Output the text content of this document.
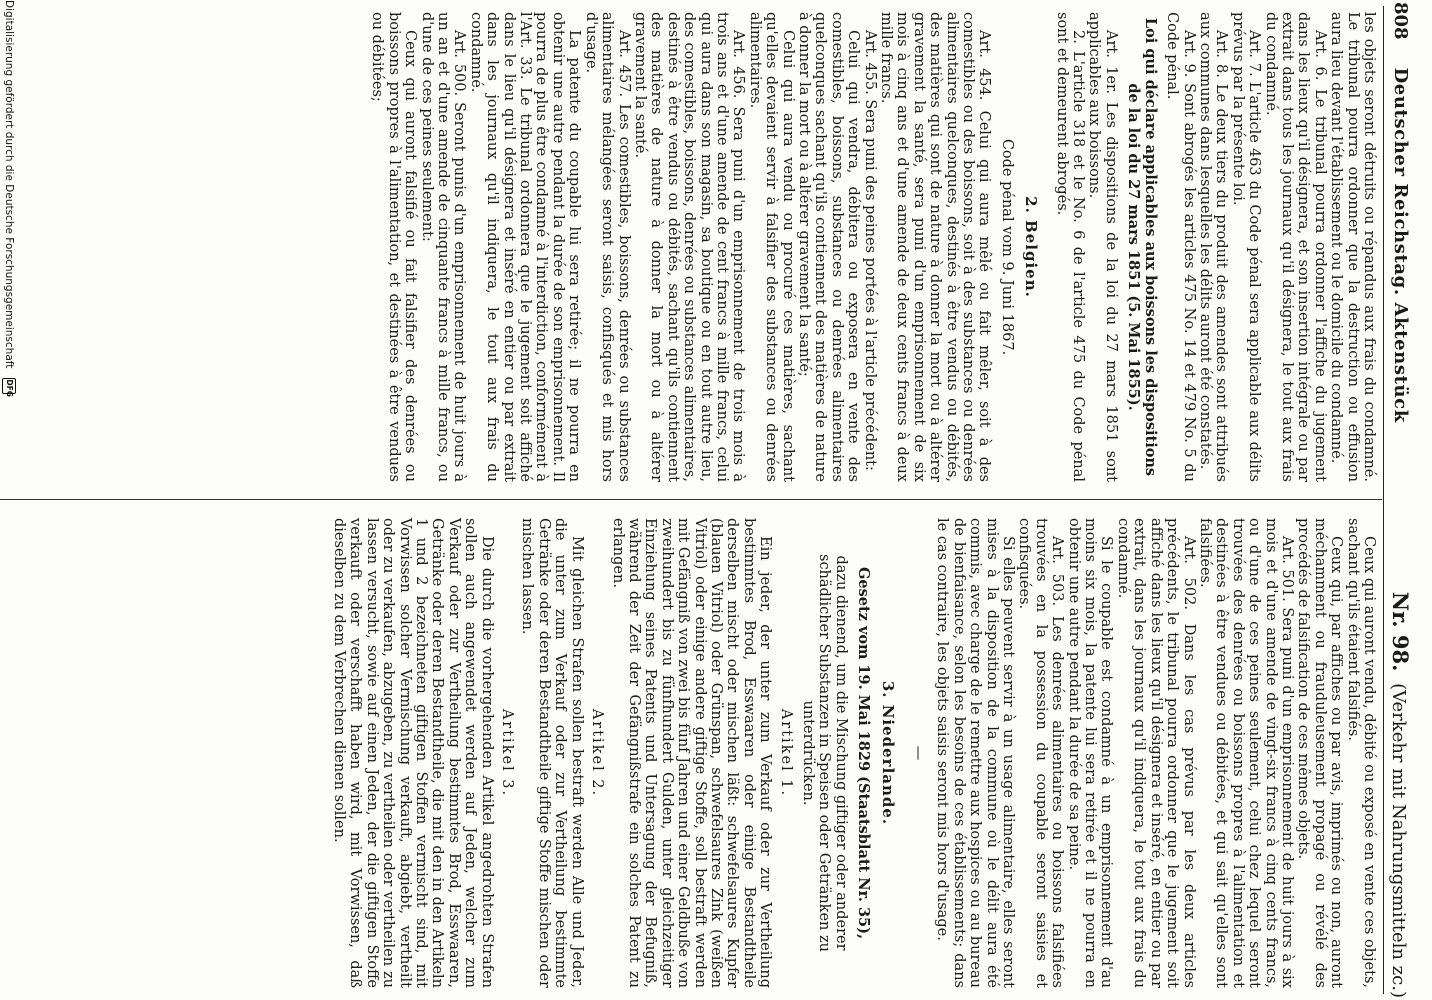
808
Deutscher Reichstag. Aktenstück
Nr. 98. (Verkehr mit Nahrungsmitteln zc.)

les objets seront détruits ou répandus aux frais du condamné. Le tribunal pourra ordonner que la destruction ou effusion aura lieu devant l'établissement ou le domicile du condamné.

Art. 6. Le tribunal pourra ordonner l'affiche du jugement dans les lieux qu'il désignera, et son insertion intégrale ou par extrait dans tous les journaux qu'il désignera, le tout aux frais du condamné.

Art. 7. L'article 463 du Code pénal sera applicable aux délits prévus par la présente loi.

Art. 8. Le deux tiers du produit des amendes sont attribués aux communes dans lesquelles les délits auront été constatés.

Art. 9. Sont abrogés les articles 475 No. 14 et 479 No. 5 du Code pénal.

Loi qui déclare applicables aux boissons les dispositions de la loi du 27 mars 1851 (5. Mai 1855).

Art. 1er. Les dispositions de la loi du 27 mars 1851 sont applicables aux boissons.

2. L'article 318 et le No. 6 de l'article 475 du Code pénal sont et demeurent abrogés.

2. Belgien.
Code pénal vom 9. Juni 1867.

Art. 454. Celui qui aura mêlé ou fait mêler, soit à des comestibles ou des boissons, soit à des substances ou denrées alimentaires quelconques, destinés à être vendus ou débités, des matières qui sont de nature à donner la mort ou à altérer gravement la santé, sera puni d'un emprisonnement de six mois à cinq ans et d'une amende de deux cents francs à deux mille francs.

Art. 455. Sera puni des peines portées à l'article précédent:

Celui qui vendra, débitera ou exposera en vente des comestibles, boissons, substances ou denrées alimentaires quelconques sachant qu'ils contiennent des matières de nature à donner la mort ou à altérer gravement la santé;

Celui qui aura vendu ou procuré ces matières, sachant qu'elles devaient servir à falsifier des substances ou denrées alimentaires.

Art. 456. Sera puni d'un emprisonnement de trois mois à trois ans et d'une amende de cent francs à mille francs, celui qui aura dans son magasin, sa boutique ou en tout autre lieu, des comestibles, boissons, denrées ou substances alimentaires, destinés à être vendus ou débités, sachant qu'ils contiennent des matières de nature à donner la mort ou à altérer gravement la santé.

Art. 457. Les comestibles, boissons, denrées ou substances alimentaires mélangées seront saisis, confisqués et mis hors d'usage.

La patente du coupable lui sera retirée; il ne pourra en obtenir une autre pendant la durée de son emprisonnement. Il pourra de plus être condamné à l'interdiction, conformément à l'Art. 33. Le tribunal ordonnera que le jugement soit affiché dans le lieu qu'il désignera et inséré en entier ou par extrait dans les journaux qu'il indiquera, le tout aux frais du condamné.

Art. 500. Seront punis d'un emprisonnement de huit jours à un an et d'une amende de cinquante francs à mille francs, ou d'une de ces peines seulement:

Ceux qui auront falsifié ou fait falsifier des denrées ou boissons propres à l'alimentation, et destinées à être vendues ou débitées;

Ceux qui auront vendu, débité ou exposé en vente ces objets, sachant qu'ils étaient falsifiés.

Ceux qui, par affiches ou par avis, imprimés ou non, auront méchamment ou frauduleusement propagé ou révélé des procédés de falsification de ces mêmes objets.

Art. 501. Sera puni d'un emprisonnement de huit jours à six mois et d'une amende de vingt-six francs à cinq cents francs, ou d'une de ces peines seulement, celui chez lequel seront trouvées des denrées ou boissons propres à l'alimentation et destinées à être vendues ou débitées, et qui sait qu'elles sont falsifiées.

Art. 502. Dans les cas prévus par les deux articles précédents, le tribunal pourra ordonner que le jugement soit affiché dans les lieux qu'il désignera et inséré, en entier ou par extrait, dans les journaux qu'il indiquera, le tout aux frais du condamné.

Si le coupable est condamné à un emprisonnement d'au moins six mois, la patente lui sera retirée et il ne pourra en obtenir une autre pendant la durée de sa peine.

Art. 503. Les denrées alimentaires ou boissons falsifiées trouvées en la possession du coupable seront saisies et confisquées.

Si elles peuvent servir à un usage alimentaire, elles seront mises à la disposition de la commune où le délit aura été commis, avec charge de le remettre aux hospices ou au bureau de bienfaisance, selon les besoins de ces établissements; dans le cas contraire, les objets saisis seront mis hors d'usage.

—
3. Niederlande.
Gesetz vom 19. Mai 1829 (Staatsblatt Nr. 35),
dazu dienend, um die Mischung giftiger oder anderer schädlicher Substanzen in Speisen oder Getränken zu unterdrücken.
Artikel 1.

Ein jeder, der unter zum Verkauf oder zur Vertheilung bestimmtes Brod, Esswaaren oder einige Bestandtheile derselben mischt oder mischen läßt: schwefelsaures Kupfer (blauen Vitriol) oder Grünspan, schwefelsaures Zink (weißen Vitriol) oder einige andere giftige Stoffe, soll bestraft werden mit Gefängniß von zwei bis fünf Jahren und einer Geldbuße von zweihundert bis zu fünfhundert Gulden, unter gleichzeitiger Einziehung seines Patents und Untersagung der Befugniß, während der Zeit der Gefängnißstrafe ein solches Patent zu erlangen.

Artikel 2.

Mit gleichen Strafen sollen bestraft werden Alle und Jeder, die unter zum Verkauf oder zur Vertheilung bestimmte Getränke oder deren Bestandtheile giftige Stoffe mischen oder mischen lassen.

Artikel 3.

Die durch die vorhergehenden Artikel angedrohten Strafen sollen auch angewendet werden auf Jeden, welcher zum Verkauf oder zur Vertheilung bestimmtes Brod, Esswaaren, Getränke oder deren Bestandtheile, die mit den in den Artikeln 1 und 2 bezeichneten giftigen Stoffen vermischt sind, mit Vorwissen solcher Vermischung verkauft, abgiebt, vertheilt oder zu verkaufen, abzugeben, zu vertheilen oder vertheilen zu lassen versucht, sowie auf einen Jeden, der die giftigen Stoffe verkauft oder verschafft haben wird, mit Vorwissen, daß dieselben zu dem Verbrechen dienen sollen.

Digitalisierung gefördert durch die Deutsche Forschungsgemeinschaft
DFG
